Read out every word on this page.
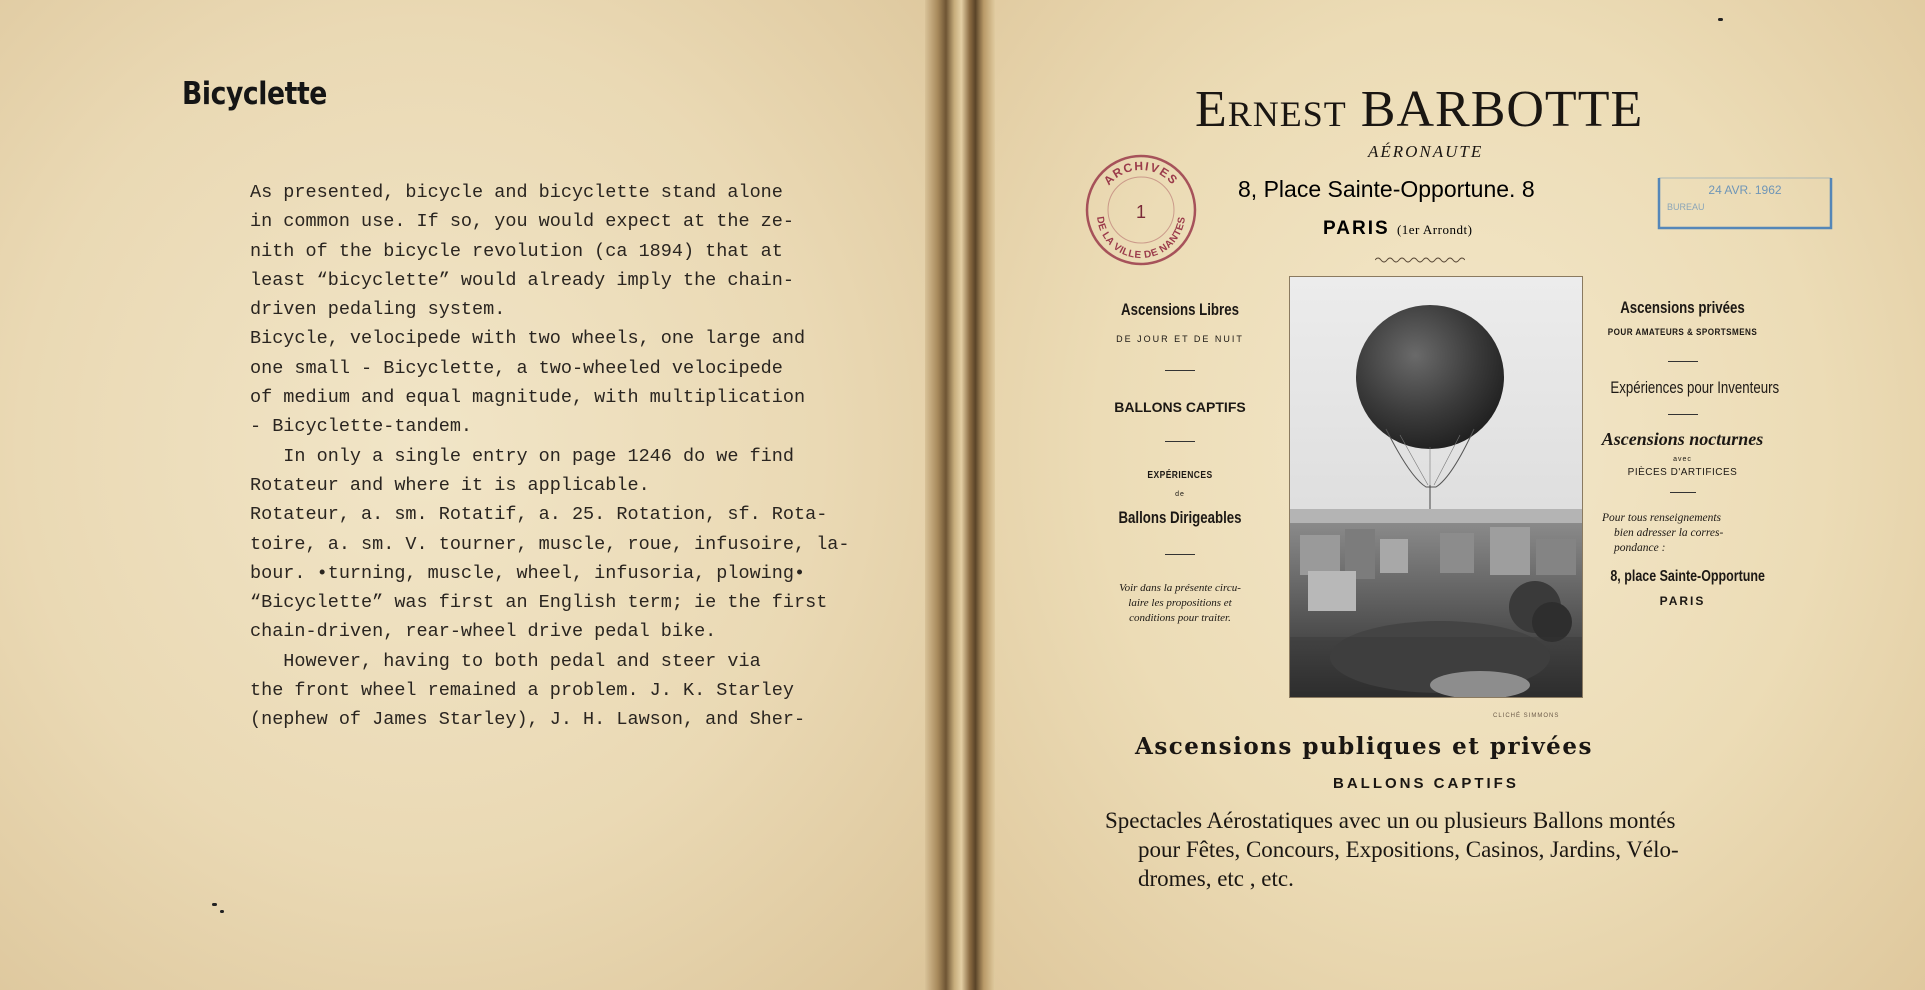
Bicyclette
As presented, bicycle and bicyclette stand alone
in common use. If so, you would expect at the ze-
nith of the bicycle revolution (ca 1894) that at
least “bicyclette” would already imply the chain-
driven pedaling system.
Bicycle, velocipede with two wheels, one large and
one small - Bicyclette, a two-wheeled velocipede
of medium and equal magnitude, with multiplication
- Bicyclette-tandem.
In only a single entry on page 1246 do we find
Rotateur and where it is applicable.
Rotateur, a. sm. Rotatif, a. 25. Rotation, sf. Rota-
toire, a. sm. V. tourner, muscle, roue, infusoire, la-
bour. •turning, muscle, wheel, infusoria, plowing•
“Bicyclette” was first an English term; ie the first
chain-driven, rear-wheel drive pedal bike.
However, having to both pedal and steer via
the front wheel remained a problem. J. K. Starley
(nephew of James Starley), J. H. Lawson, and Sher-
Ernest BARBOTTE
AÉRONAUTE
8, Place Sainte-Opportune. 8
PARIS (1er Arrondt)
ARCHIVES
DE LA VILLE DE NANTES
1
24 AVR. 1962
BUREAU
Ascensions Libres
DE JOUR ET DE NUIT
BALLONS CAPTIFS
EXPÉRIENCES
de
Ballons Dirigeables
Voir dans la présente circu-
laire les propositions et
conditions pour traiter.
CLICHÉ SIMMONS
Ascensions privées
POUR AMATEURS & SPORTSMENS
Expériences pour Inventeurs
Ascensions nocturnes
avec
PIÈCES D'ARTIFICES
Pour tous renseignements
bien adresser la corres-
pondance :
8, place Sainte-Opportune
PARIS
Ascensions publiques et privées
BALLONS CAPTIFS
Spectacles Aérostatiques avec un ou plusieurs Ballons montés
pour Fêtes, Concours, Expositions, Casinos, Jardins, Vélo-
dromes, etc , etc.
